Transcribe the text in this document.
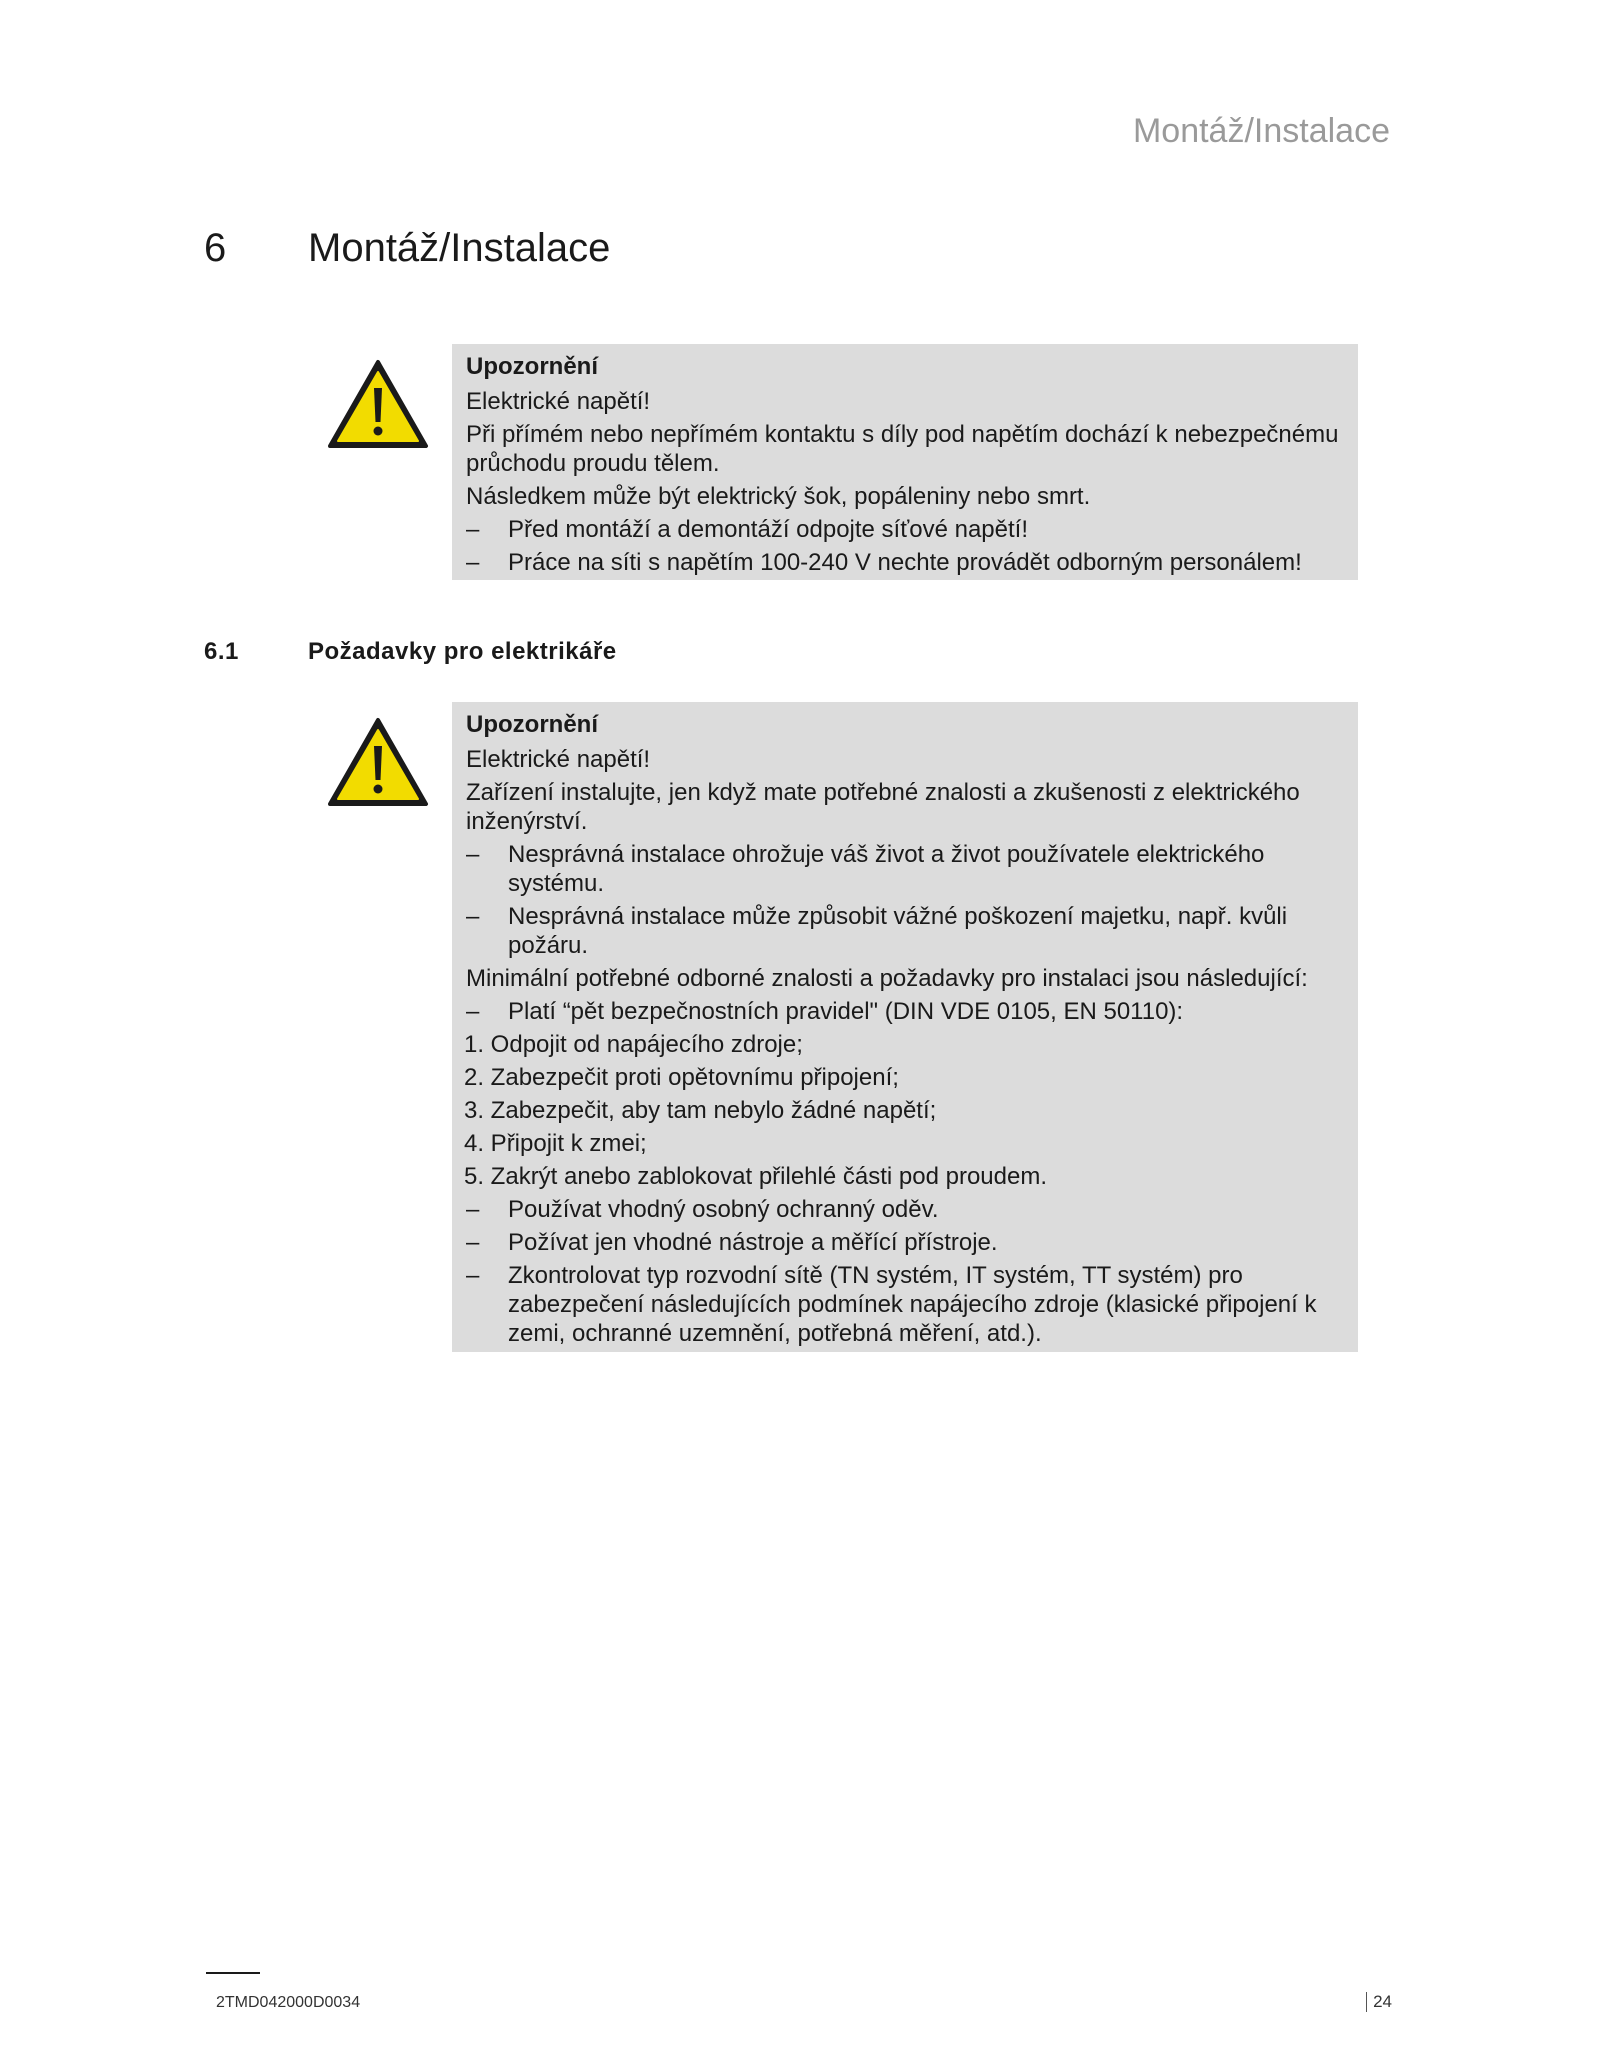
Montáž/Instalace
6 Montáž/Instalace
Upozornění

Elektrické napětí!

Při přímém nebo nepřímém kontaktu s díly pod napětím dochází k nebezpečnému průchodu proudu tělem.

Následkem může být elektrický šok, popáleniny nebo smrt.

–	Před montáží a demontáží odpojte síťové napětí!
–	Práce na síti s napětím 100-240 V nechte provádět odborným personálem!
6.1	Požadavky pro elektrikáře
Upozornění

Elektrické napětí!

Zařízení instalujte, jen když mate potřebné znalosti a zkušenosti z elektrického inženýrství.

–	Nesprávná instalace ohrožuje váš život a život používatele elektrického systému.
–	Nesprávná instalace může způsobit vážné poškození majetku, např. kvůli požáru.

Minimální potřebné odborné znalosti a požadavky pro instalaci jsou následující:

–	Platí “pět bezpečnostních pravidel" (DIN VDE 0105, EN 50110):

1. Odpojit od napájecího zdroje;

2. Zabezpečit proti opětovnímu připojení;

3. Zabezpečit, aby tam nebylo žádné napětí;

4. Připojit k zmei;

5. Zakrýt anebo zablokovat přilehlé části pod proudem.

–	Používat vhodný osobný ochranný oděv.
–	Požívat jen vhodné nástroje a měřící přístroje.
–	Zkontrolovat typ rozvodní sítě (TN systém, IT systém, TT systém) pro zabezpečení následujících podmínek napájecího zdroje (klasické připojení k zemi, ochranné uzemnění, potřebná měření, atd.).
2TMD042000D0034	24
